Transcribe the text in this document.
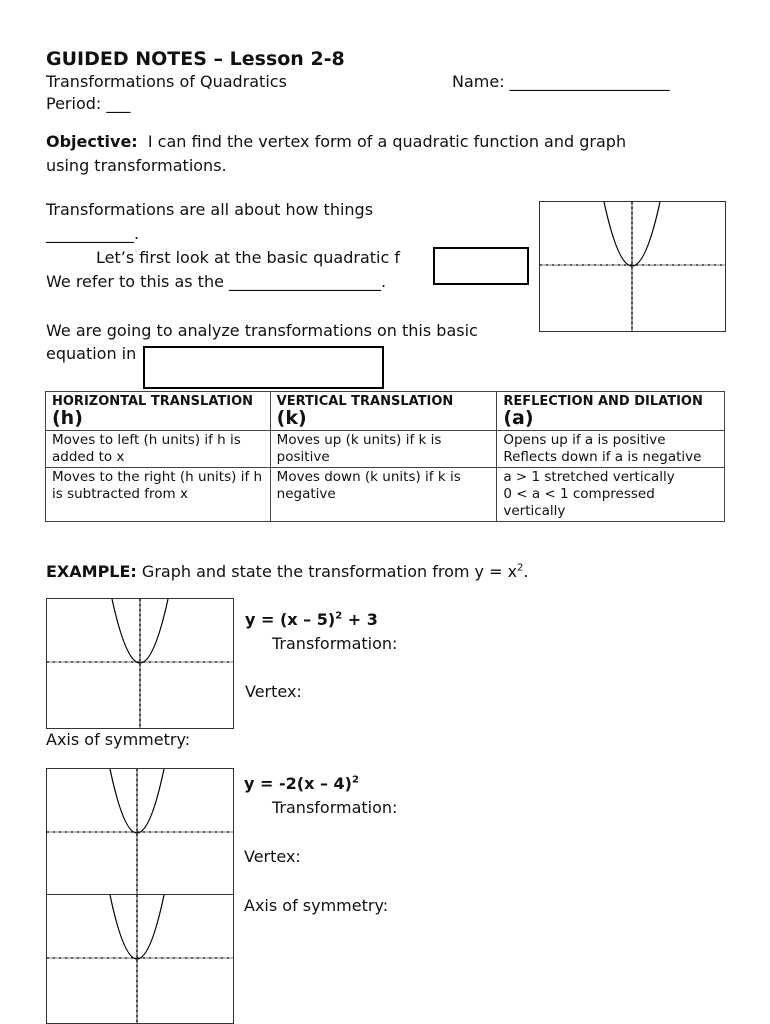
GUIDED NOTES – Lesson 2-8
Transformations of Quadratics	Name: ____________________
Period: ___
Objective:  I can find the vertex form of a quadratic function and graph
using transformations.
Transformations are all about how things
___________.
Let’s first look at the basic quadratic f
We refer to this as the ___________________.
We are going to analyze transformations on this basic
equation in
HORIZONTAL TRANSLATION (h)	VERTICAL TRANSLATION
(k)	REFLECTION AND DILATION (a)
Moves to left (h units) if h is added to x	Moves up (k units) if k is positive	Opens up if a is positive
Reflects down if a is negative

Moves to the right (h units) if h is subtracted from x	Moves down (k units) if k is negative	a > 1 stretched vertically
0 < a < 1 compressed vertically
EXAMPLE: Graph and state the transformation from $y = x^2$.
y = (x – 5)$^2$ + 3
Transformation:
Vertex:
Axis of symmetry:
y = -2(x – 4)$^2$
Transformation:
Vertex:
Axis of symmetry:
